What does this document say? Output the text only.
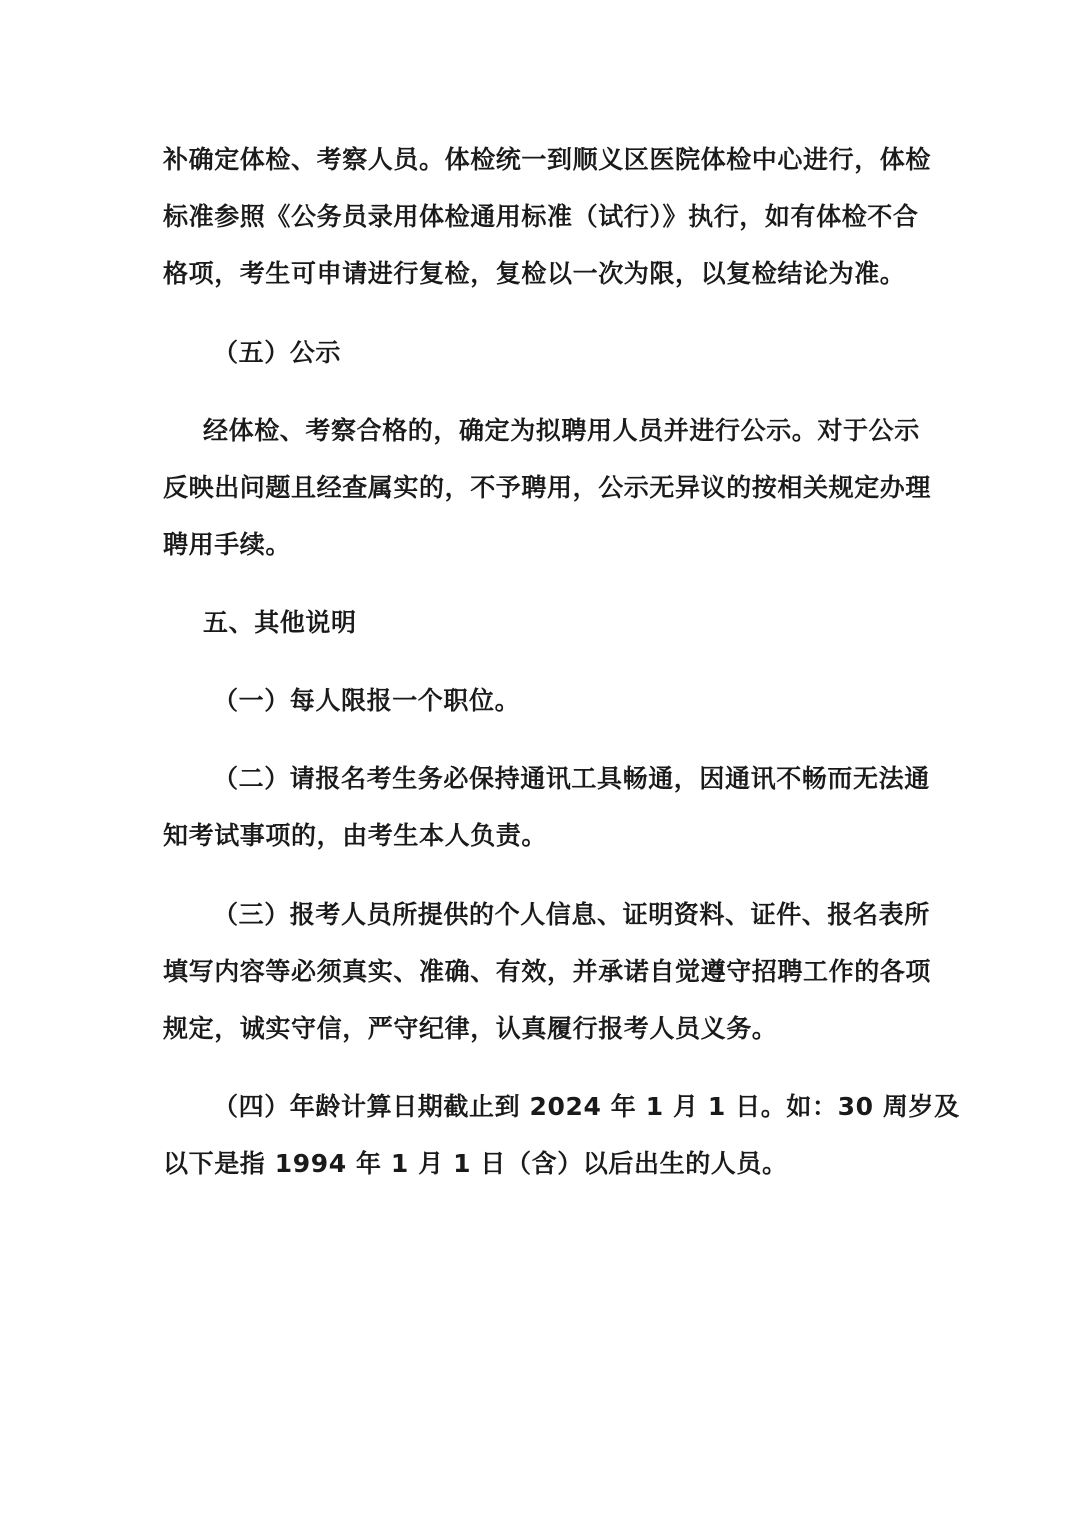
补确定体检、考察人员。体检统一到顺义区医院体检中心进行，体检
标准参照《公务员录用体检通用标准（试行）》执行，如有体检不合
格项，考生可申请进行复检，复检以一次为限，以复检结论为准。
（五）公示
经体检、考察合格的，确定为拟聘用人员并进行公示。对于公示
反映出问题且经查属实的，不予聘用，公示无异议的按相关规定办理
聘用手续。
五、其他说明
（一）每人限报一个职位。
（二）请报名考生务必保持通讯工具畅通，因通讯不畅而无法通
知考试事项的，由考生本人负责。
（三）报考人员所提供的个人信息、证明资料、证件、报名表所
填写内容等必须真实、准确、有效，并承诺自觉遵守招聘工作的各项
规定，诚实守信，严守纪律，认真履行报考人员义务。
（四）年龄计算日期截止到 2024 年 1 月 1 日。如：30 周岁及
以下是指 1994 年 1 月 1 日（含）以后出生的人员。
